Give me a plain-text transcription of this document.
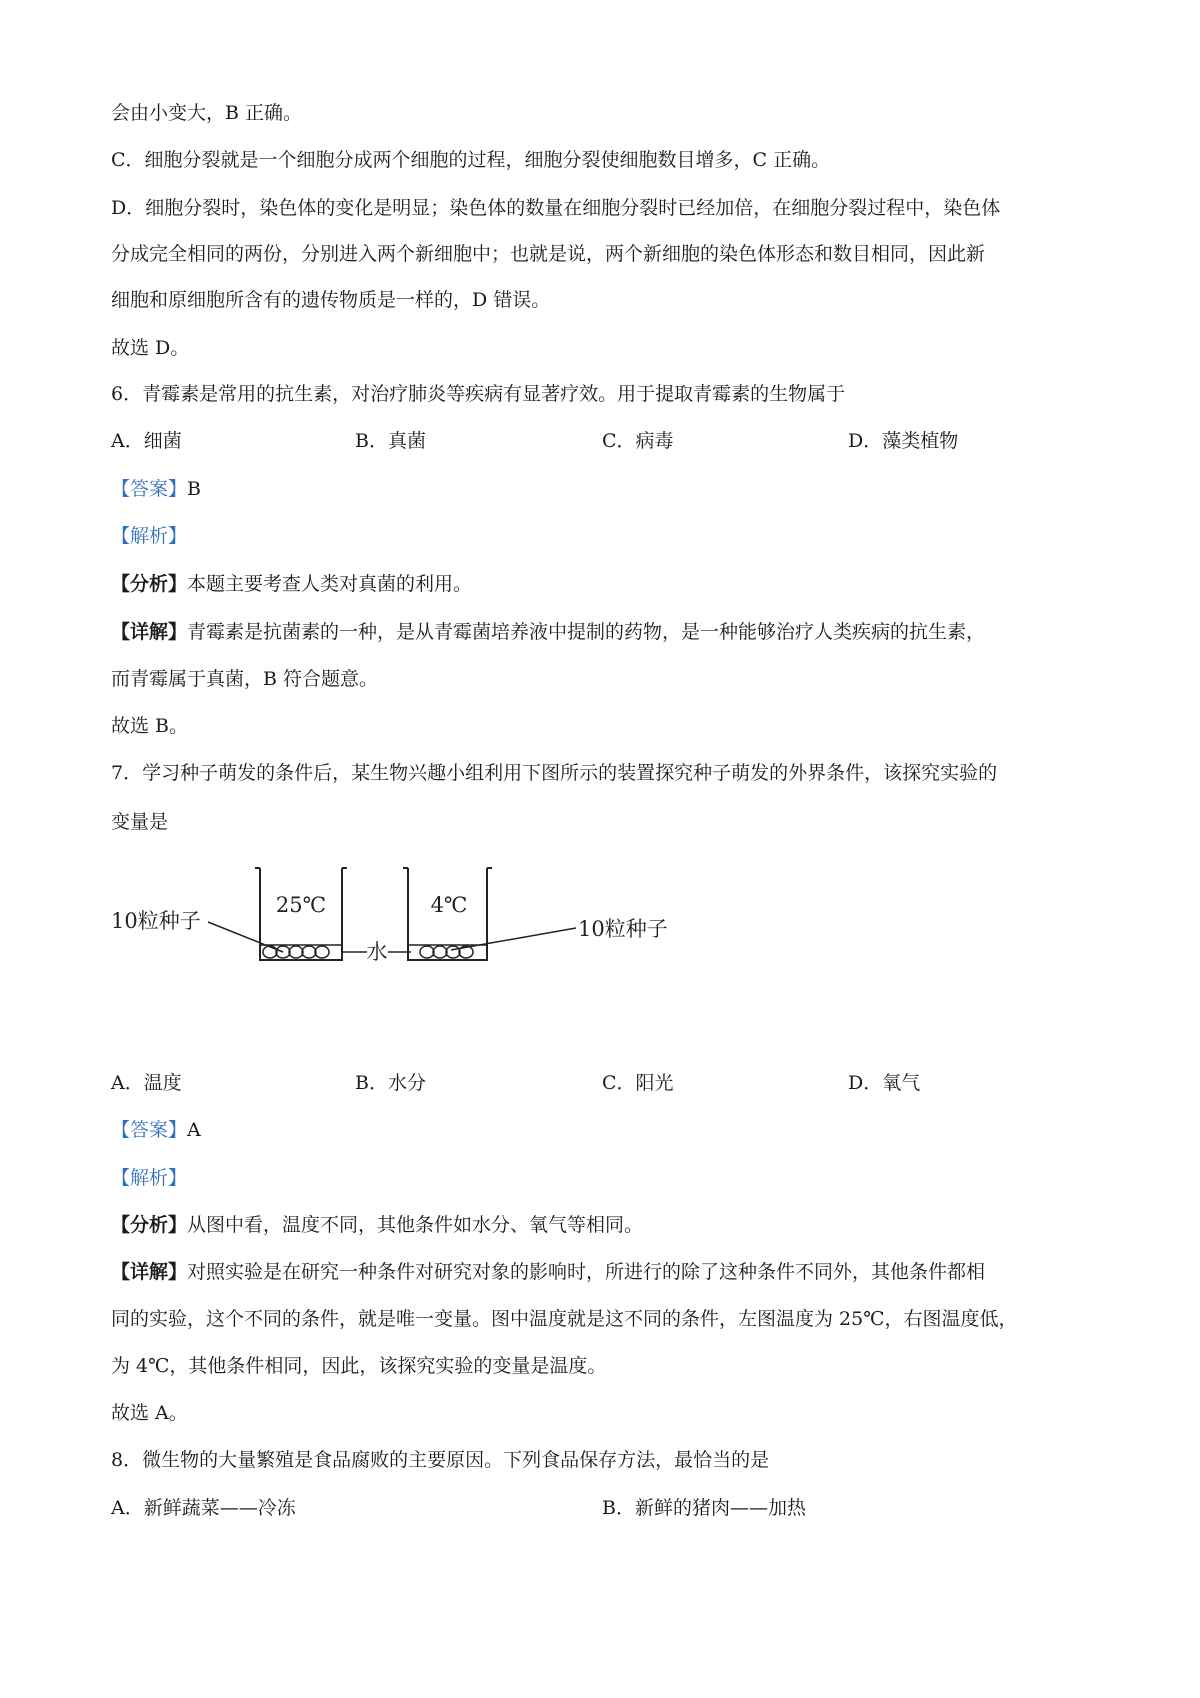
会由小变大，B 正确。
C．细胞分裂就是一个细胞分成两个细胞的过程，细胞分裂使细胞数目增多，C 正确。
D．细胞分裂时，染色体的变化是明显；染色体的数量在细胞分裂时已经加倍，在细胞分裂过程中，染色体
分成完全相同的两份，分别进入两个新细胞中；也就是说，两个新细胞的染色体形态和数目相同，因此新
细胞和原细胞所含有的遗传物质是一样的，D 错误。
故选 D。
6．青霉素是常用的抗生素，对治疗肺炎等疾病有显著疗效。用于提取青霉素的生物属于
A．细菌	B．真菌	C．病毒	D．藻类植物
【答案】B
【解析】
【分析】本题主要考查人类对真菌的利用。
【详解】青霉素是抗菌素的一种，是从青霉菌培养液中提制的药物，是一种能够治疗人类疾病的抗生素，
而青霉属于真菌，B 符合题意。
故选 B。
7．学习种子萌发的条件后，某生物兴趣小组利用下图所示的装置探究种子萌发的外界条件，该探究实验的
变量是
25℃	4℃
10粒种子
水
10粒种子
A．温度	B．水分	C．阳光	D．氧气
【答案】A
【解析】
【分析】从图中看，温度不同，其他条件如水分、氧气等相同。
【详解】对照实验是在研究一种条件对研究对象的影响时，所进行的除了这种条件不同外，其他条件都相
同的实验，这个不同的条件，就是唯一变量。图中温度就是这不同的条件，左图温度为 25℃，右图温度低，
为 4℃，其他条件相同，因此，该探究实验的变量是温度。
故选 A。
8．微生物的大量繁殖是食品腐败的主要原因。下列食品保存方法，最恰当的是
A．新鲜蔬菜——冷冻	B．新鲜的猪肉——加热
